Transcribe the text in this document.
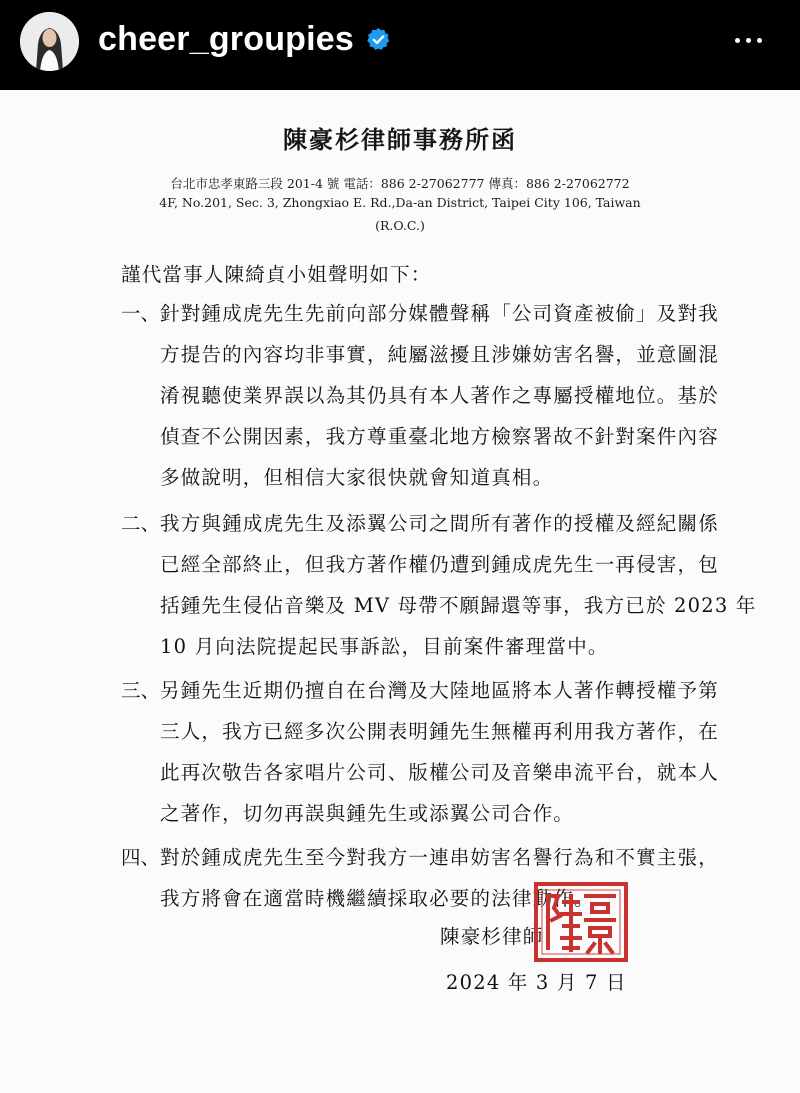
cheer_groupies
陳豪杉律師事務所函
台北市忠孝東路三段 201-4 號 電話：886 2-27062777 傳真：886 2-27062772
4F, No.201, Sec. 3, Zhongxiao E. Rd.,Da-an District, Taipei City 106, Taiwan
(R.O.C.)
謹代當事人陳綺貞小姐聲明如下：
一、 針對鍾成虎先生先前向部分媒體聲稱「公司資產被偷」及對我
方提告的內容均非事實，純屬滋擾且涉嫌妨害名譽，並意圖混
淆視聽使業界誤以為其仍具有本人著作之專屬授權地位。基於
偵查不公開因素，我方尊重臺北地方檢察署故不針對案件內容
多做說明，但相信大家很快就會知道真相。
二、 我方與鍾成虎先生及添翼公司之間所有著作的授權及經紀關係
已經全部終止，但我方著作權仍遭到鍾成虎先生一再侵害，包
括鍾先生侵佔音樂及 MV 母帶不願歸還等事，我方已於 2023 年
10 月向法院提起民事訴訟，目前案件審理當中。
三、 另鍾先生近期仍擅自在台灣及大陸地區將本人著作轉授權予第
三人，我方已經多次公開表明鍾先生無權再利用我方著作，在
此再次敬告各家唱片公司、版權公司及音樂串流平台，就本人
之著作，切勿再誤與鍾先生或添翼公司合作。
四、 對於鍾成虎先生至今對我方一連串妨害名譽行為和不實主張，
我方將會在適當時機繼續採取必要的法律動作。
陳豪杉律師
2024 年 3 月 7 日
